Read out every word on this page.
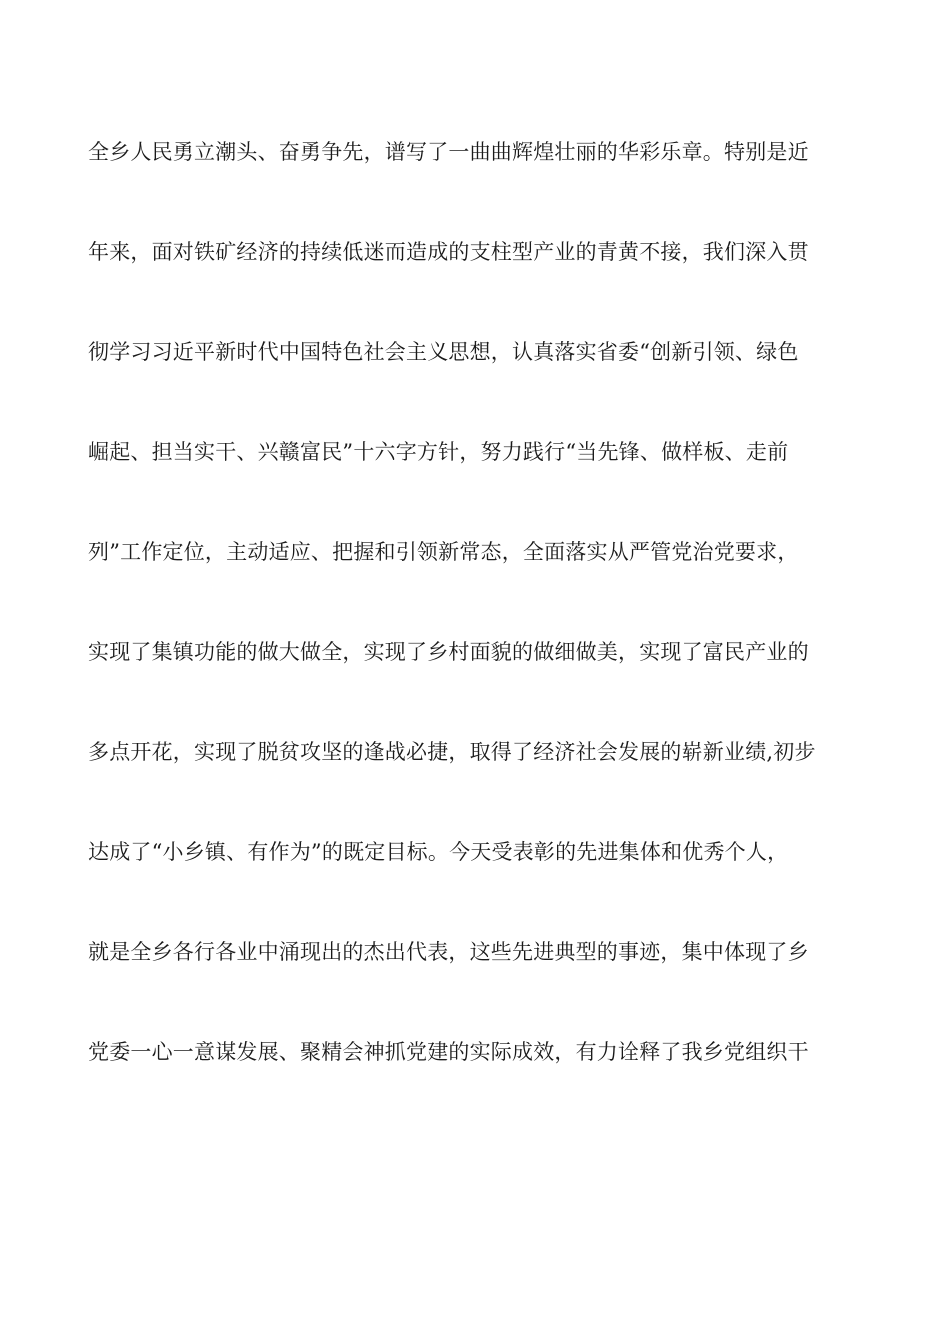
全乡人民勇立潮头、奋勇争先，谱写了一曲曲辉煌壮丽的华彩乐章。特别是近
年来，面对铁矿经济的持续低迷而造成的支柱型产业的青黄不接，我们深入贯
彻学习习近平新时代中国特色社会主义思想，认真落实省委“创新引领、绿色
崛起、担当实干、兴赣富民”十六字方针，努力践行“当先锋、做样板、走前
列”工作定位，主动适应、把握和引领新常态，全面落实从严管党治党要求，
实现了集镇功能的做大做全，实现了乡村面貌的做细做美，实现了富民产业的
多点开花，实现了脱贫攻坚的逢战必捷，取得了经济社会发展的崭新业绩,初步
达成了“小乡镇、有作为”的既定目标。今天受表彰的先进集体和优秀个人，
就是全乡各行各业中涌现出的杰出代表，这些先进典型的事迹，集中体现了乡
党委一心一意谋发展、聚精会神抓党建的实际成效，有力诠释了我乡党组织干
